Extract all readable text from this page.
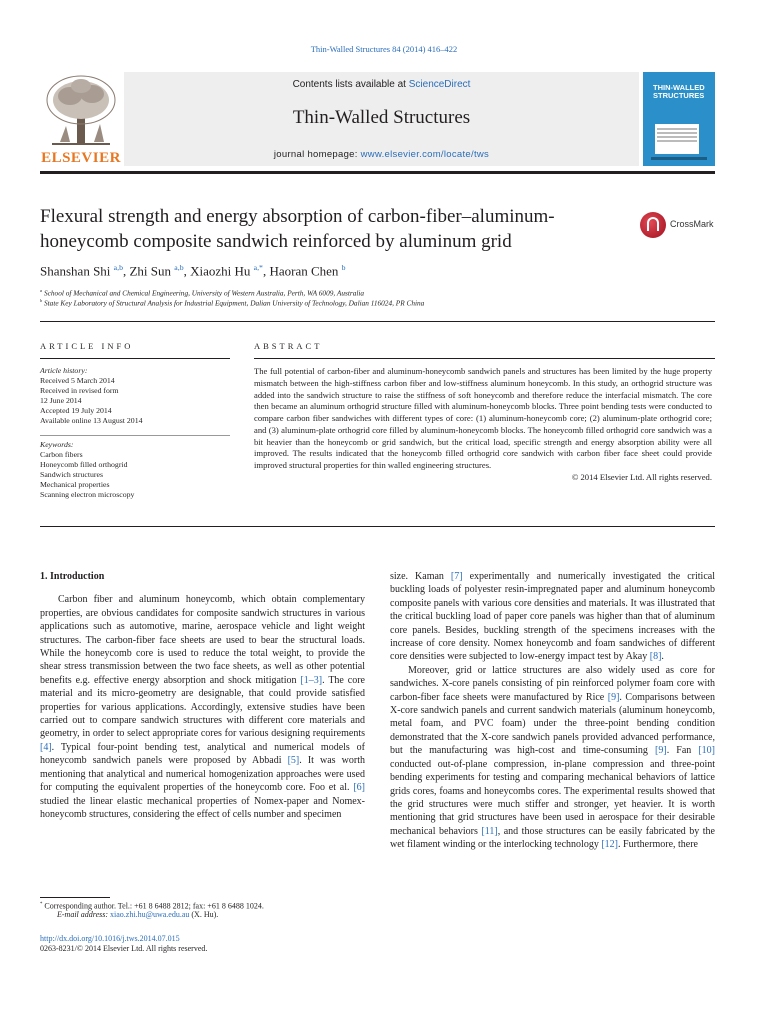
Thin-Walled Structures 84 (2014) 416–422
ELSEVIER
Contents lists available at ScienceDirect
Thin-Walled Structures
journal homepage: www.elsevier.com/locate/tws
THIN-WALLED
STRUCTURES
Flexural strength and energy absorption of carbon-fiber–aluminum-honeycomb composite sandwich reinforced by aluminum grid
CrossMark
Shanshan Shi $^{a,b}$, Zhi Sun $^{a,b}$, Xiaozhi Hu $^{a,*}$, Haoran Chen $^b$
$^a$ School of Mechanical and Chemical Engineering, University of Western Australia, Perth, WA 6009, Australia
$^b$ State Key Laboratory of Structural Analysis for Industrial Equipment, Dalian University of Technology, Dalian 116024, PR China
ARTICLE INFO	ABSTRACT
Article history:
Received 5 March 2014
Received in revised form
12 June 2014
Accepted 19 July 2014
Available online 13 August 2014
Keywords:
Carbon fibers
Honeycomb filled orthogrid
Sandwich structures
Mechanical properties
Scanning electron microscopy
The full potential of carbon-fiber and aluminum-honeycomb sandwich panels and structures has been limited by the huge property mismatch between the high-stiffness carbon fiber and low-stiffness aluminum honeycomb. In this study, an orthogrid structure was added into the sandwich structure to raise the stiffness of soft honeycomb and therefore reduce the interfacial mismatch. The core then became an aluminum orthogrid structure filled with aluminum-honeycomb blocks. Three point bending tests were conducted to compare carbon fiber sandwiches with different types of core: (1) aluminum-honeycomb core; (2) aluminum-plate orthogrid core; and (3) aluminum-plate orthogrid core filled by aluminum-honeycomb blocks. The honeycomb filled orthogrid core sandwich was a bit heavier than the honeycomb or grid sandwich, but the critical load, specific strength and energy absorption ability were all improved. The results indicated that the honeycomb filled orthogrid core sandwich with carbon fiber face sheet could provide improved structural properties for thin walled engineering structures.
© 2014 Elsevier Ltd. All rights reserved.
1. Introduction

Carbon fiber and aluminum honeycomb, which obtain complementary properties, are obvious candidates for composite sandwich structures in various applications such as automotive, marine, aerospace vehicle and light weight structures. The carbon-fiber face sheets are used to bear the structural loads. While the honeycomb core is used to reduce the total weight, to provide the shear stress transmission between the two face sheets, as well as other potential benefits e.g. effective energy absorption and shock mitigation [1–3]. The core material and its micro-geometry are designable, that could provide satisfied properties for various applications. Accordingly, extensive studies have been carried out to compare sandwich structures with different core materials and geometry, in order to select appropriate cores for various designing requirements [4]. Typical four-point bending test, analytical and numerical models of honeycomb sandwich panels were proposed by Abbadi [5]. It was worth mentioning that analytical and numerical homogenization approaches were used for computing the equivalent properties of the honeycomb core. Foo et al. [6] studied the linear elastic mechanical properties of Nomex-paper and Nomex-honeycomb structures, considering the effect of cells number and specimen

size. Kaman [7] experimentally and numerically investigated the critical buckling loads of polyester resin-impregnated paper and aluminum honeycomb composite panels with various core densities and materials. It was illustrated that the critical buckling load of paper core panels was higher than that of aluminum core panels. Besides, buckling strength of the specimens increases with the increase of core density. Nomex honeycomb and foam sandwiches of different core densities were subjected to low-energy impact test by Akay [8].

Moreover, grid or lattice structures are also widely used as core for sandwiches. X-core panels consisting of pin reinforced polymer foam core with carbon-fiber face sheets were manufactured by Rice [9]. Comparisons between X-core sandwich panels and current sandwich materials (aluminum honeycomb, metal foam, and PVC foam) under the three-point bending condition demonstrated that the X-core sandwich panels provided advanced performance, but the manufacturing was high-cost and time-consuming [9]. Fan [10] conducted out-of-plane compression, in-plane compression and three-point bending experiments for testing and comparing mechanical behaviors of lattice grids cores, foams and honeycombs cores. The experimental results showed that the grid structures were much stiffer and stronger, yet heavier. It is worth mentioning that grid structures have been used in aerospace for their desirable mechanical behaviors [11], and those structures can be easily fabricated by the wet filament winding or the interlocking technology [12]. Furthermore, there

* Corresponding author. Tel.: +61 8 6488 2812; fax: +61 8 6488 1024.
E-mail address: xiao.zhi.hu@uwa.edu.au (X. Hu).
http://dx.doi.org/10.1016/j.tws.2014.07.015
0263-8231/© 2014 Elsevier Ltd. All rights reserved.
